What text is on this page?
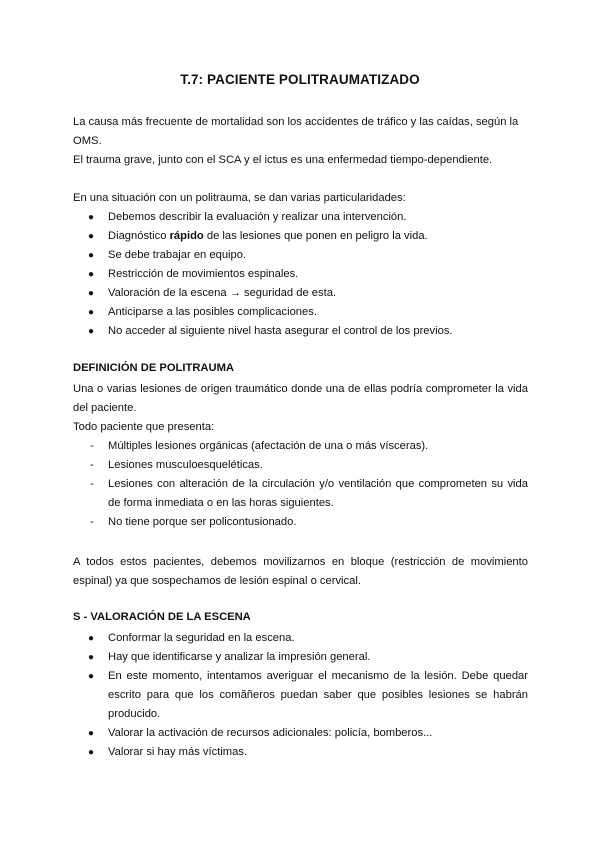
T.7: PACIENTE POLITRAUMATIZADO

La causa más frecuente de mortalidad son los accidentes de tráfico y las caídas, según la OMS.

El trauma grave, junto con el SCA y el ictus es una enfermedad tiempo-dependiente.

En una situación con un politrauma, se dan varias particularidades:

●	Debemos describir la evaluación y realizar una intervención.
●	Diagnóstico rápido de las lesiones que ponen en peligro la vida.
●	Se debe trabajar en equipo.
●	Restricción de movimientos espinales.
●	Valoración de la escena → seguridad de esta.
●	Anticiparse a las posibles complicaciones.
●	No acceder al siguiente nivel hasta asegurar el control de los previos.
DEFINICIÓN DE POLITRAUMA

Una o varias lesiones de origen traumático donde una de ellas podría comprometer la vida del paciente.

Todo paciente que presenta:

-	Múltiples lesiones orgánicas (afectación de una o más vísceras).
-	Lesiones musculoesqueléticas.
-	Lesiones con alteración de la circulación y/o ventilación que comprometen su vida de forma inmediata o en las horas siguientes.
-	No tiene porque ser policontusionado.

A todos estos pacientes, debemos movilizarnos en bloque (restricción de movimiento espinal) ya que sospechamos de lesión espinal o cervical.

S - VALORACIÓN DE LA ESCENA
●	Conformar la seguridad en la escena.
●	Hay que identificarse y analizar la impresión general.
●	En este momento, intentamos averiguar el mecanismo de la lesión. Debe quedar escrito para que los comãñeros puedan saber que posibles lesiones se habrán producido.
●	Valorar la activación de recursos adicionales: policía, bomberos...
●	Valorar si hay más víctimas.
